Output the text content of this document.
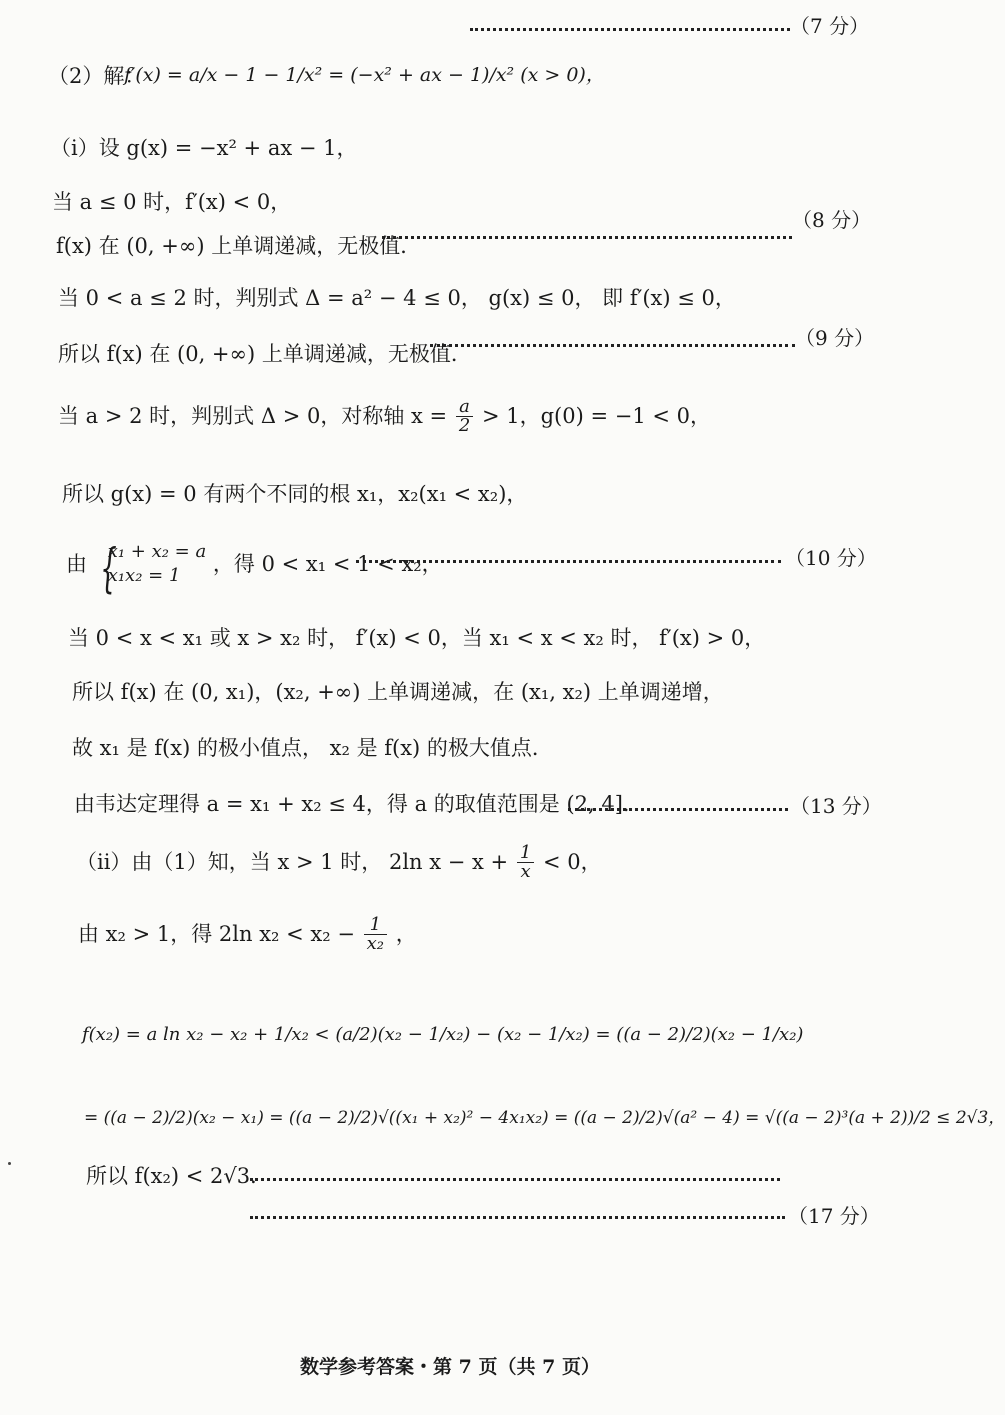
（7 分）
（2）解：
f′(x) = a/x − 1 − 1/x² = (−x² + ax − 1)/x² (x > 0)，
（i）设 g(x) = −x² + ax − 1，
当 a ≤ 0 时，f′(x) < 0，
（8 分）
f(x) 在 (0, +∞) 上单调递减，无极值．
当 0 < a ≤ 2 时，判别式 Δ = a² − 4 ≤ 0， g(x) ≤ 0， 即 f′(x) ≤ 0，
所以 f(x) 在 (0, +∞) 上单调递减，无极值．
（9 分）
当 a > 2 时，判别式 Δ > 0，对称轴 $x = \frac{a}{2} > 1$，g(0) = −1 < 0，
所以 g(x) = 0 有两个不同的根 x₁，x₂(x₁ < x₂)，
由
{ x₁ + x₂ = a
x₁x₂ = 1	，得 0 < x₁ < 1 < x₂，	（10 分）
当 0 < x < x₁ 或 x > x₂ 时， f′(x) < 0，当 x₁ < x < x₂ 时， f′(x) > 0，
所以 f(x) 在 (0, x₁)，(x₂, +∞) 上单调递减，在 (x₁, x₂) 上单调递增，
故 x₁ 是 f(x) 的极小值点， x₂ 是 f(x) 的极大值点．
由韦达定理得 a = x₁ + x₂ ≤ 4，得 a 的取值范围是 (2, 4]．	（13 分）
（ii）由（1）知，当 x > 1 时， 2ln $x - x + \frac{1}{x} < 0$，
由 x₂ > 1，得 2ln $x_2 < x_2 - \frac{1}{\text{x₂}}$ ，
f(x₂) = a ln x₂ − x₂ + 1/x₂ < (a/2)(x₂ − 1/x₂) − (x₂ − 1/x₂) = ((a − 2)/2)(x₂ − 1/x₂)
= ((a − 2)/2)(x₂ − x₁) = ((a − 2)/2)√((x₁ + x₂)² − 4x₁x₂) = ((a − 2)/2)√(a² − 4) = √((a − 2)³(a + 2))/2 ≤ 2√3，
所以 f(x₂) < 2√3．
（17 分）
数学参考答案・第 7 页（共 7 页）
